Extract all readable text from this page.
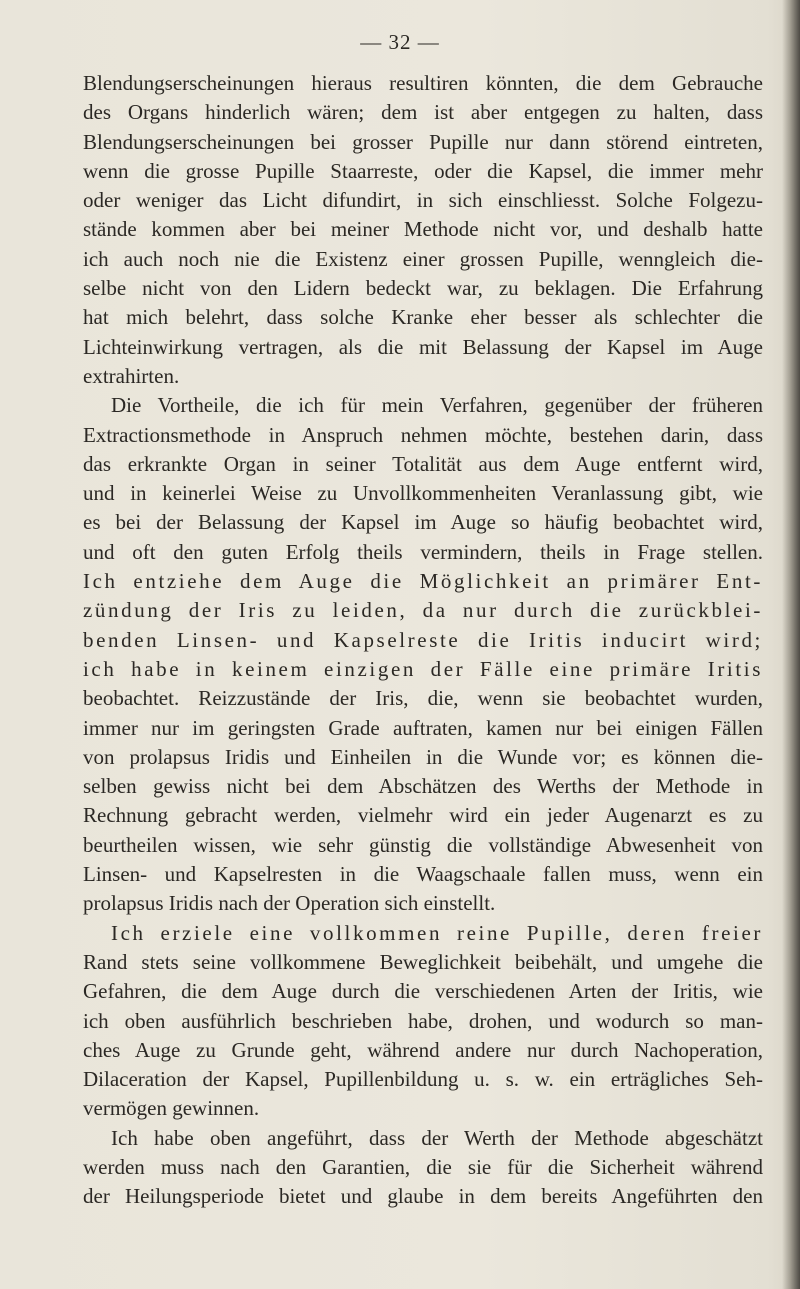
— 32 —
Blendungserscheinungen hieraus resultiren könnten, die dem Gebrauche
des Organs hinderlich wären; dem ist aber entgegen zu halten, dass
Blendungserscheinungen bei grosser Pupille nur dann störend eintreten,
wenn die grosse Pupille Staarreste, oder die Kapsel, die immer mehr
oder weniger das Licht difundirt, in sich einschliesst. Solche Folgezu-
stände kommen aber bei meiner Methode nicht vor, und deshalb hatte
ich auch noch nie die Existenz einer grossen Pupille, wenngleich die-
selbe nicht von den Lidern bedeckt war, zu beklagen. Die Erfahrung
hat mich belehrt, dass solche Kranke eher besser als schlechter die
Lichteinwirkung vertragen, als die mit Belassung der Kapsel im Auge
extrahirten.
Die Vortheile, die ich für mein Verfahren, gegenüber der früheren
Extractionsmethode in Anspruch nehmen möchte, bestehen darin, dass
das erkrankte Organ in seiner Totalität aus dem Auge entfernt wird,
und in keinerlei Weise zu Unvollkommenheiten Veranlassung gibt, wie
es bei der Belassung der Kapsel im Auge so häufig beobachtet wird,
und oft den guten Erfolg theils vermindern, theils in Frage stellen.
Ich entziehe dem Auge die Möglichkeit an primärer Ent-
zündung der Iris zu leiden, da nur durch die zurückblei-
benden Linsen- und Kapselreste die Iritis inducirt wird;
ich habe in keinem einzigen der Fälle eine primäre Iritis
beobachtet. Reizzustände der Iris, die, wenn sie beobachtet wurden,
immer nur im geringsten Grade auftraten, kamen nur bei einigen Fällen
von prolapsus Iridis und Einheilen in die Wunde vor; es können die-
selben gewiss nicht bei dem Abschätzen des Werths der Methode in
Rechnung gebracht werden, vielmehr wird ein jeder Augenarzt es zu
beurtheilen wissen, wie sehr günstig die vollständige Abwesenheit von
Linsen- und Kapselresten in die Waagschaale fallen muss, wenn ein
prolapsus Iridis nach der Operation sich einstellt.
Ich erziele eine vollkommen reine Pupille, deren freier
Rand stets seine vollkommene Beweglichkeit beibehält, und umgehe die
Gefahren, die dem Auge durch die verschiedenen Arten der Iritis, wie
ich oben ausführlich beschrieben habe, drohen, und wodurch so man-
ches Auge zu Grunde geht, während andere nur durch Nachoperation,
Dilaceration der Kapsel, Pupillenbildung u. s. w. ein erträgliches Seh-
vermögen gewinnen.
Ich habe oben angeführt, dass der Werth der Methode abgeschätzt
werden muss nach den Garantien, die sie für die Sicherheit während
der Heilungsperiode bietet und glaube in dem bereits Angeführten den
